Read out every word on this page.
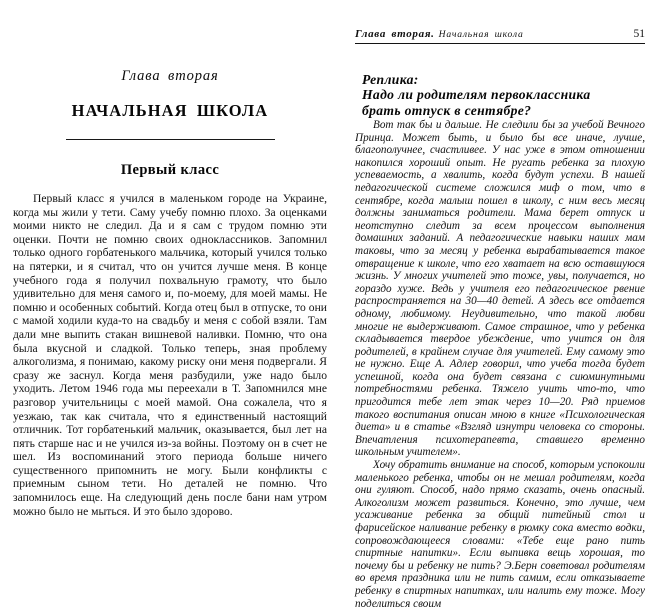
Глава вторая
НАЧАЛЬНАЯ ШКОЛА
Первый класс

Первый класс я учился в маленьком городе на Украине, когда мы жили у тети. Саму учебу помню плохо. За оценками моими никто не следил. Да и я сам с трудом помню эти оценки. Почти не помню своих одноклассников. Запомнил только одного горбатенького мальчика, который учился только на пятерки, и я считал, что он учится лучше меня. В конце учебного года я получил похвальную грамоту, что было удивительно для меня самого и, по-моему, для моей мамы. Не помню и особенных событий. Когда отец был в отпуске, то они с мамой ходили куда-то на свадьбу и меня с собой взяли. Там дали мне выпить стакан вишневой наливки. Помню, что она была вкусной и сладкой. Только теперь, зная проблему алкоголизма, я понимаю, какому риску они меня подвергали. Я сразу же заснул. Когда меня разбудили, уже надо было уходить. Летом 1946 года мы переехали в Т. Запомнился мне разговор учительницы с моей мамой. Она сожалела, что я уезжаю, так как считала, что я единственный настоящий отличник. Тот горбатенький мальчик, оказывается, был лет на пять старше нас и не учился из-за войны. Поэтому он в счет не шел. Из воспоминаний этого периода больше ничего существенного припомнить не могу. Были конфликты с приемным сыном тети. Но деталей не помню. Что запомнилось еще. На следующий день после бани нам утром можно было не мыться. И это было здорово.

Глава вторая. Начальная школа	51
Реплика:
Надо ли родителям первоклассника
брать отпуск в сентябре?

Вот так бы и дальше. Не следили бы за учебой Вечного Принца. Может быть, и было бы все иначе, лучше, благополучнее, счастливее. У нас уже в этом отношении накопился хороший опыт. Не ругать ребенка за плохую успеваемость, а хвалить, когда будут успехи. В нашей педагогической системе сложился миф о том, что в сентябре, когда малыш пошел в школу, с ним весь месяц должны заниматься родители. Мама берет отпуск и неотступно следит за всем процессом выполнения домашних заданий. А педагогические навыки наших мам таковы, что за месяц у ребенка вырабатывается такое отвращение к школе, что его хватает на всю оставшуюся жизнь. У многих учителей это тоже, увы, получается, но гораздо хуже. Ведь у учителя его педагогическое рвение распространяется на 30—40 детей. А здесь все отдается одному, любимому. Неудивительно, что такой любви многие не выдерживают. Самое страшное, что у ребенка складывается твердое убеждение, что учится он для родителей, в крайнем случае для учителей. Ему самому это не нужно. Еще А. Адлер говорил, что учеба тогда будет успешной, когда она будет связана с сиюминутными потребностями ребенка. Тяжело учить что-то, что пригодится тебе лет этак через 10—20. Ряд приемов такого воспитания описан мною в книге «Психологическая диета» и в статье «Взгляд изнутри человека со стороны. Впечатления психотерапевта, ставшего временно школьным учителем».

Хочу обратить внимание на способ, которым успокоили маленького ребенка, чтобы он не мешал родителям, когда они гуляют. Способ, надо прямо сказать, очень опасный. Алкоголизм может развиться. Конечно, это лучше, чем усаживание ребенка за общий питейный стол и фарисейское наливание ребенку в рюмку сока вместо водки, сопровождающееся словами: «Тебе еще рано пить спиртные напитки». Если выпивка вещь хорошая, то почему бы и ребенку не пить? Э.Берн советовал родителям во время праздника или не пить самим, если отказываете ребенку в спиртных напитках, или налить ему тоже. Могу поделиться своим
